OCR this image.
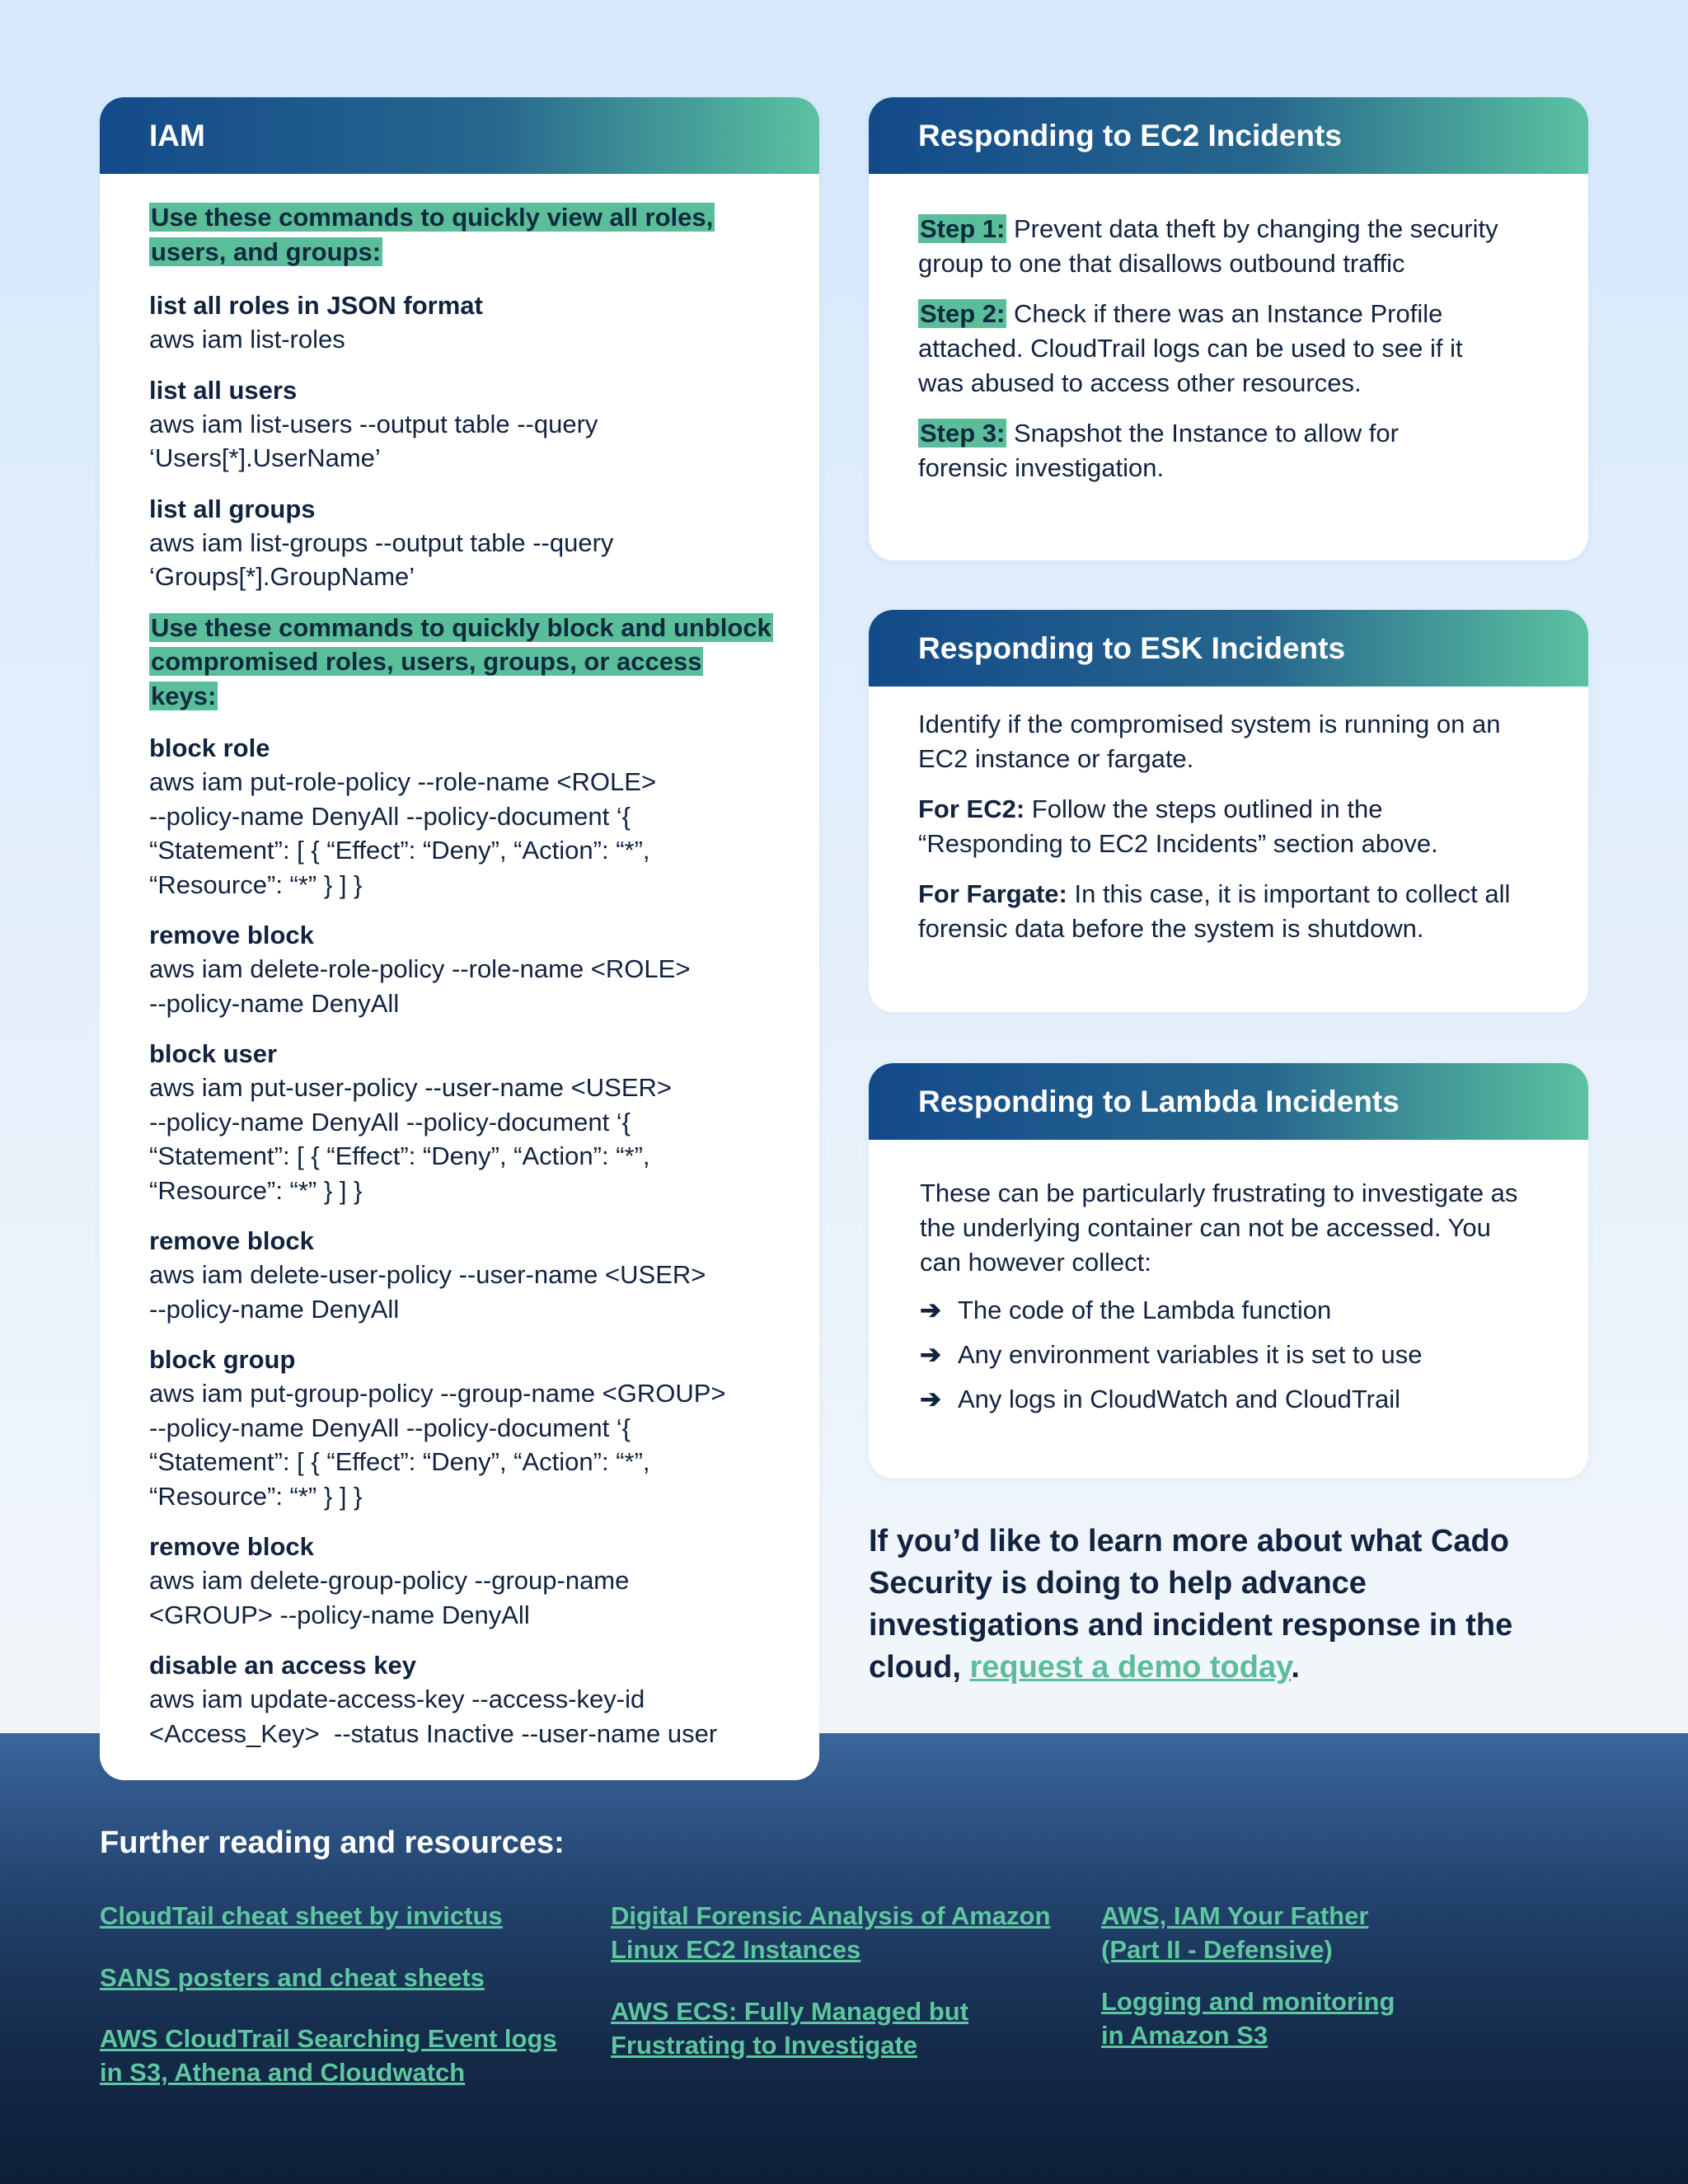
IAM
Use these commands to quickly view all roles, users, and groups:
list all roles in JSON format
aws iam list-roles
list all users
aws iam list-users --output table --query
‘Users[*].UserName’
list all groups
aws iam list-groups --output table --query
‘Groups[*].GroupName’
Use these commands to quickly block and unblock compromised roles, users, groups, or access keys:
block role
aws iam put-role-policy --role-name <ROLE>
--policy-name DenyAll --policy-document ‘{
“Statement”: [ { “Effect”: “Deny”, “Action”: “*”,
“Resource”: “*” } ] }
remove block
aws iam delete-role-policy --role-name <ROLE>
--policy-name DenyAll
block user
aws iam put-user-policy --user-name <USER>
--policy-name DenyAll --policy-document ‘{
“Statement”: [ { “Effect”: “Deny”, “Action”: “*”,
“Resource”: “*” } ] }
remove block
aws iam delete-user-policy --user-name <USER>
--policy-name DenyAll
block group
aws iam put-group-policy --group-name <GROUP>
--policy-name DenyAll --policy-document ‘{
“Statement”: [ { “Effect”: “Deny”, “Action”: “*”,
“Resource”: “*” } ] }
remove block
aws iam delete-group-policy --group-name
<GROUP> --policy-name DenyAll
disable an access key
aws iam update-access-key --access-key-id
<Access_Key>  --status Inactive --user-name user
Responding to EC2 Incidents

Step 1: Prevent data theft by changing the security group to one that disallows outbound traffic

Step 2: Check if there was an Instance Profile attached. CloudTrail logs can be used to see if it was abused to access other resources.

Step 3: Snapshot the Instance to allow for forensic investigation.

Responding to ESK Incidents

Identify if the compromised system is running on an EC2 instance or fargate.

For EC2: Follow the steps outlined in the “Responding to EC2 Incidents” section above.

For Fargate: In this case, it is important to collect all forensic data before the system is shutdown.

Responding to Lambda Incidents

These can be particularly frustrating to investigate as the underlying container can not be accessed. You can however collect:

➔ The code of the Lambda function
➔ Any environment variables it is set to use
➔ Any logs in CloudWatch and CloudTrail
If you’d like to learn more about what Cado Security is doing to help advance investigations and incident response in the cloud, request a demo today.
Further reading and resources:
CloudTail cheat sheet by invictus
SANS posters and cheat sheets
AWS CloudTrail Searching Event logs in S3, Athena and Cloudwatch
Digital Forensic Analysis of Amazon Linux EC2 Instances
AWS ECS: Fully Managed but Frustrating to Investigate
AWS, IAM Your Father (Part II - Defensive)
Logging and monitoring in Amazon S3
